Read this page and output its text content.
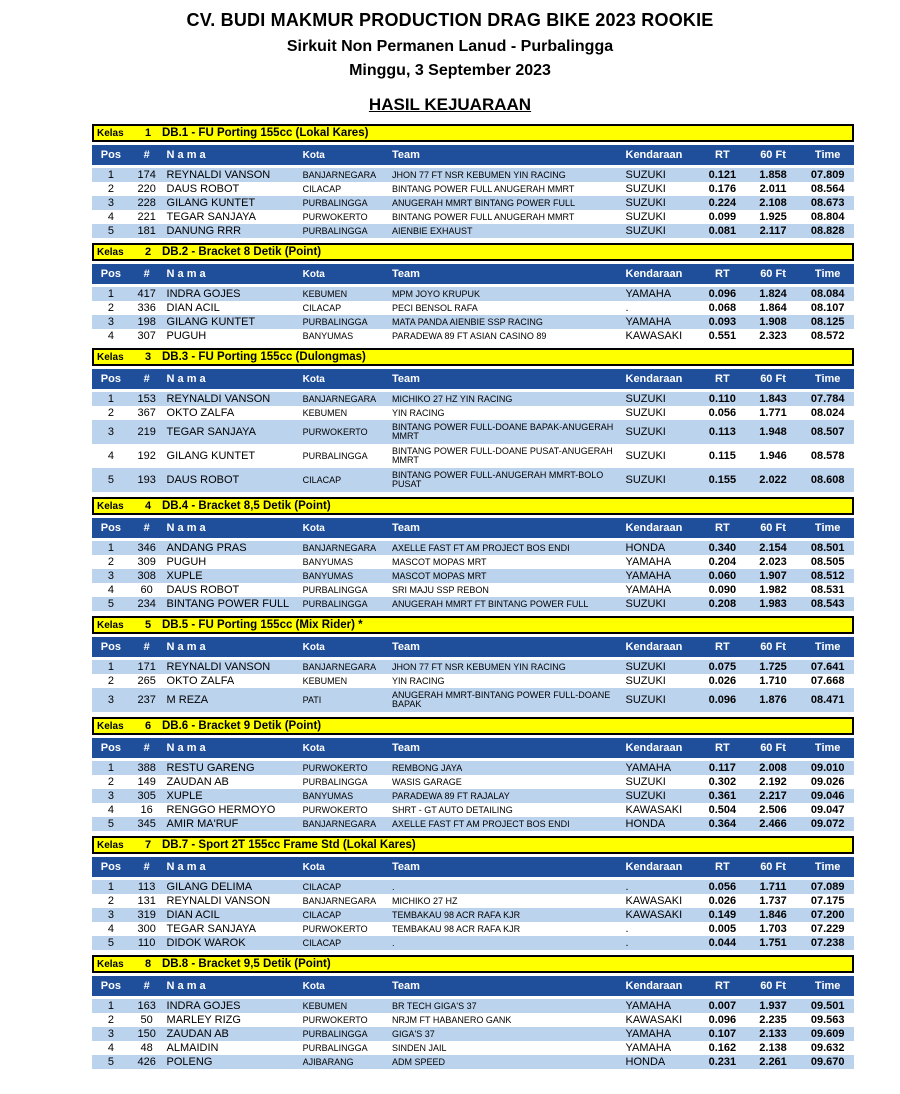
CV. BUDI MAKMUR PRODUCTION DRAG BIKE 2023 ROOKIE
Sirkuit Non Permanen Lanud - Purbalingga
Minggu, 3 September 2023
HASIL KEJUARAAN
Kelas	1 DB.1 - FU Porting 155cc (Lokal Kares)
Pos	#	N a m a	Kota	Team	Kendaraan	RT	60 Ft	Time
1	174 REYNALDI VANSON	BANJARNEGARA	JHON 77 FT NSR KEBUMEN YIN RACING	SUZUKI	0.121	1.858	07.809
2	220 DAUS ROBOT	CILACAP	BINTANG POWER FULL ANUGERAH MMRT	SUZUKI	0.176	2.011	08.564
3	228 GILANG KUNTET	PURBALINGGA	ANUGERAH MMRT BINTANG POWER FULL	SUZUKI	0.224	2.108	08.673
4	221 TEGAR SANJAYA	PURWOKERTO	BINTANG POWER FULL ANUGERAH MMRT	SUZUKI	0.099	1.925	08.804
5	181 DANUNG RRR	PURBALINGGA	AIENBIE EXHAUST	SUZUKI	0.081	2.117	08.828
Kelas	2 DB.2 - Bracket 8 Detik (Point)
Pos	#	N a m a	Kota	Team	Kendaraan	RT	60 Ft	Time
1	417 INDRA GOJES	KEBUMEN	MPM JOYO KRUPUK	YAMAHA	0.096	1.824	08.084
2	336 DIAN ACIL	CILACAP	PECI BENSOL RAFA	.	0.068	1.864	08.107
3	198 GILANG KUNTET	PURBALINGGA	MATA PANDA AIENBIE SSP RACING	YAMAHA	0.093	1.908	08.125
4	307 PUGUH	BANYUMAS	PARADEWA 89 FT ASIAN CASINO 89	KAWASAKI	0.551	2.323	08.572
Kelas	3 DB.3 - FU Porting 155cc (Dulongmas)
Pos	#	N a m a	Kota	Team	Kendaraan	RT	60 Ft	Time
1	153 REYNALDI VANSON	BANJARNEGARA	MICHIKO 27 HZ YIN RACING	SUZUKI	0.110	1.843	07.784
2	367 OKTO ZALFA	KEBUMEN	YIN RACING	SUZUKI	0.056	1.771	08.024
3	219 TEGAR SANJAYA	PURWOKERTO	BINTANG POWER FULL-DOANE BAPAK-ANUGERAH MMRT	SUZUKI	0.113	1.948	08.507
4	192 GILANG KUNTET	PURBALINGGA	BINTANG POWER FULL-DOANE PUSAT-ANUGERAH MMRT	SUZUKI	0.115	1.946	08.578
5	193 DAUS ROBOT	CILACAP	BINTANG POWER FULL-ANUGERAH MMRT-BOLO PUSAT	SUZUKI	0.155	2.022	08.608
Kelas	4 DB.4 - Bracket 8,5 Detik (Point)
Pos	#	N a m a	Kota	Team	Kendaraan	RT	60 Ft	Time
1	346 ANDANG PRAS	BANJARNEGARA	AXELLE FAST FT AM PROJECT BOS ENDI	HONDA	0.340	2.154	08.501
2	309 PUGUH	BANYUMAS	MASCOT MOPAS MRT	YAMAHA	0.204	2.023	08.505
3	308 XUPLE	BANYUMAS	MASCOT MOPAS MRT	YAMAHA	0.060	1.907	08.512
4	60	DAUS ROBOT	PURBALINGGA	SRI MAJU SSP REBON	YAMAHA	0.090	1.982	08.531
5	234 BINTANG POWER FULL	PURBALINGGA	ANUGERAH MMRT FT BINTANG POWER FULL	SUZUKI	0.208	1.983	08.543
Kelas	5 DB.5 - FU Porting 155cc (Mix Rider) *
Pos	#	N a m a	Kota	Team	Kendaraan	RT	60 Ft	Time
1	171 REYNALDI VANSON	BANJARNEGARA	JHON 77 FT NSR KEBUMEN YIN RACING	SUZUKI	0.075	1.725	07.641
2	265 OKTO ZALFA	KEBUMEN	YIN RACING	SUZUKI	0.026	1.710	07.668
3	237 M REZA	PATI	ANUGERAH MMRT-BINTANG POWER FULL-DOANE BAPAK	SUZUKI	0.096	1.876	08.471
Kelas	6 DB.6 - Bracket 9 Detik (Point)
Pos	#	N a m a	Kota	Team	Kendaraan	RT	60 Ft	Time
1	388 RESTU GARENG	PURWOKERTO	REMBONG JAYA	YAMAHA	0.117	2.008	09.010
2	149 ZAUDAN AB	PURBALINGGA	WASIS GARAGE	SUZUKI	0.302	2.192	09.026
3	305 XUPLE	BANYUMAS	PARADEWA 89 FT RAJALAY	SUZUKI	0.361	2.217	09.046
4	16	RENGGO HERMOYO	PURWOKERTO	SHRT - GT AUTO DETAILING	KAWASAKI	0.504	2.506	09.047
5	345 AMIR MA'RUF	BANJARNEGARA	AXELLE FAST FT AM PROJECT BOS ENDI	HONDA	0.364	2.466	09.072
Kelas	7 DB.7 - Sport 2T 155cc Frame Std (Lokal Kares)
Pos	#	N a m a	Kota	Team	Kendaraan	RT	60 Ft	Time
1	113	GILANG DELIMA	CILACAP	.	.	0.056	1.711	07.089
2	131 REYNALDI VANSON	BANJARNEGARA	MICHIKO 27 HZ	KAWASAKI	0.026	1.737	07.175
3	319 DIAN ACIL	CILACAP	TEMBAKAU 98 ACR RAFA KJR	KAWASAKI	0.149	1.846	07.200
4	300 TEGAR SANJAYA	PURWOKERTO	TEMBAKAU 98 ACR RAFA KJR	.	0.005	1.703	07.229
5	110	DIDOK WAROK	CILACAP	.	.	0.044	1.751	07.238
Kelas	8 DB.8 - Bracket 9,5 Detik (Point)
Pos	#	N a m a	Kota	Team	Kendaraan	RT	60 Ft	Time
1	163 INDRA GOJES	KEBUMEN	BR TECH GIGA'S 37	YAMAHA	0.007	1.937	09.501
2	50	MARLEY RIZG	PURWOKERTO	NRJM FT HABANERO GANK	KAWASAKI	0.096	2.235	09.563
3	150 ZAUDAN AB	PURBALINGGA	GIGA'S 37	YAMAHA	0.107	2.133	09.609
4	48	ALMAIDIN	PURBALINGGA	SINDEN JAIL	YAMAHA	0.162	2.138	09.632
5	426 POLENG	AJIBARANG	ADM SPEED	HONDA	0.231	2.261	09.670
